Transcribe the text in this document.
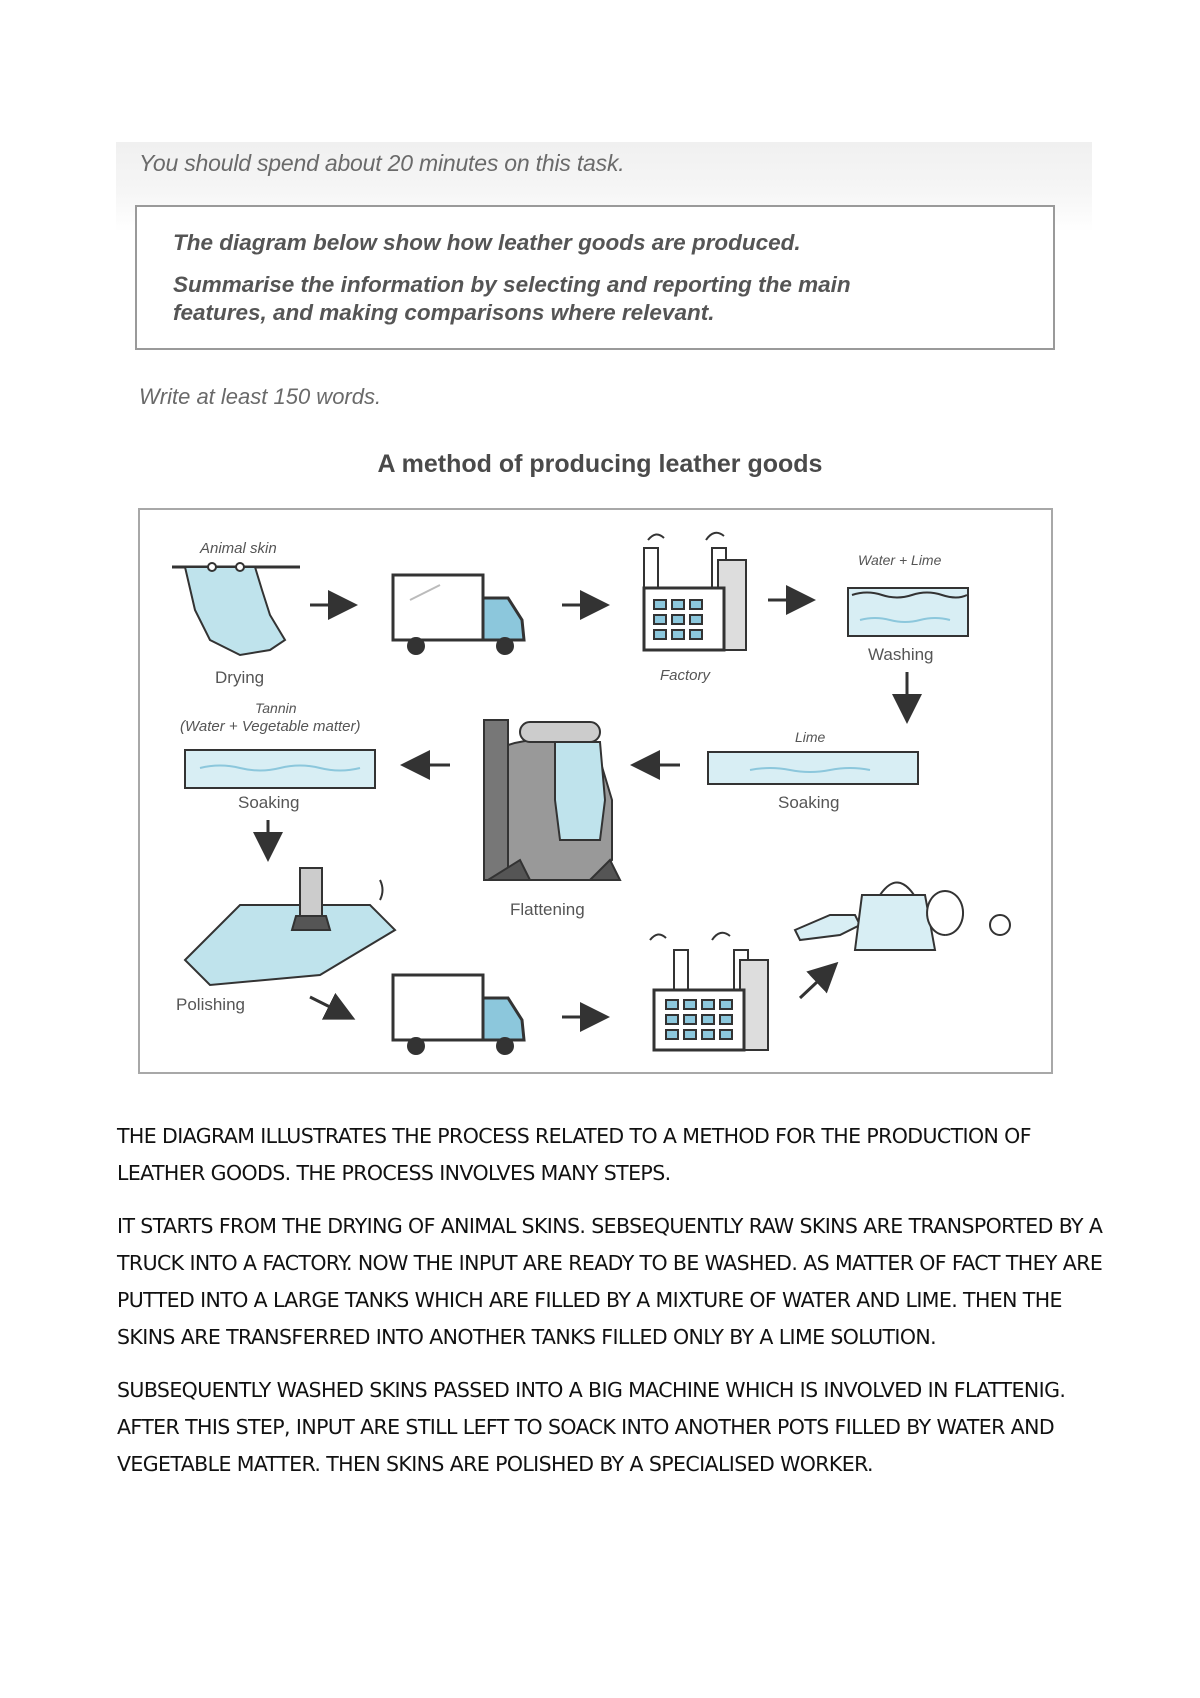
You should spend about 20 minutes on this task.
The diagram below show how leather goods are produced.
Summarise the information by selecting and reporting the main
features, and making comparisons where relevant.
Write at least 150 words.
A method of producing leather goods
Animal skin
Drying	Factory
Water + Lime
Washing
Lime
Soaking
Flattening
Tannin
(Water + Vegetable matter)
Soaking
Polishing

THE DIAGRAM ILLUSTRATES THE PROCESS RELATED TO A METHOD FOR THE PRODUCTION OF LEATHER GOODS. THE PROCESS INVOLVES MANY STEPS.

IT STARTS FROM THE DRYING OF ANIMAL SKINS. SEBSEQUENTLY RAW SKINS ARE TRANSPORTED BY A TRUCK INTO A FACTORY. NOW THE INPUT ARE READY TO BE WASHED. AS MATTER OF FACT THEY ARE PUTTED INTO A LARGE TANKS WHICH ARE FILLED BY A MIXTURE OF WATER AND LIME. THEN THE SKINS ARE TRANSFERRED INTO ANOTHER TANKS FILLED ONLY BY A LIME SOLUTION.

SUBSEQUENTLY WASHED SKINS PASSED INTO A BIG MACHINE WHICH IS INVOLVED IN FLATTENIG. AFTER THIS STEP, INPUT ARE STILL LEFT TO SOACK INTO ANOTHER POTS FILLED BY WATER AND VEGETABLE MATTER. THEN SKINS ARE POLISHED BY A SPECIALISED WORKER.
